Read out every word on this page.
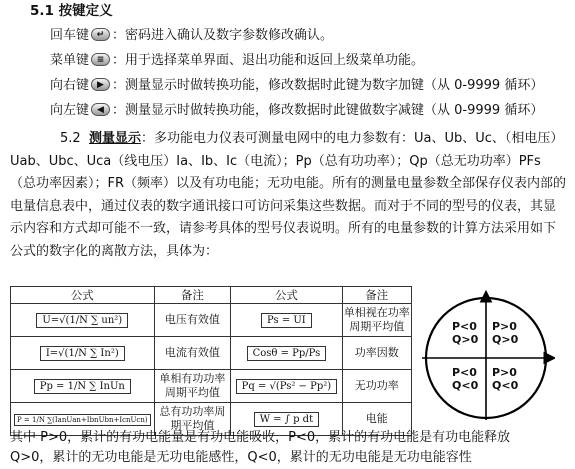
5.1 按键定义
回车键 ↵ ：密码进入确认及数字参数修改确认。
菜单键 ≡ ：用于选择菜单界面、退出功能和返回上级菜单功能。
向右键 ▶ ：测量显示时做转换功能，修改数据时此键为数字加键（从 0-9999 循环）
向左键 ◀ ：测量显示时做转换功能，修改数据时此键做数字减键（从 0-9999 循环）
5.2 测量显示：多功能电力仪表可测量电网中的电力参数有：Ua、Ub、Uc、（相电压）Uab、Ubc、Uca（线电压）Ia、Ib、Ic（电流）；Pp（总有功功率）；Qp（总无功功率）PFs（总功率因素）；FR（频率）以及有功电能；无功电能。所有的测量电量参数全部保存仪表内部的电量信息表中，通过仪表的数字通讯接口可访问采集这些数据。而对于不同的型号的仪表，其显示内容和方式却可能不一致，请参考具体的型号仪表说明。所有的电量参数的计算方法采用如下公式的数字化的离散方法，具体为：
公式	备注	公式	备注
U=√(1/N ∑ un²)	电压有效值	Ps = UI	单相视在功率周期平均值
I=√(1/N ∑ In²)	电流有效值	Cosθ = Pp/Ps	功率因数
Pp = 1/N ∑ InUn	单相有功功率周期平均值	Pq = √(Ps² − Pp²)	无功功率
P = 1/N ∑(IanUan+IbnUbn+IcnUcn)	总有功功率周期平均值	W = ∫ p dt	电能
P<0
Q>0
P>0
Q>0
P<0
Q<0
P>0
Q<0
其中 P>0，累计的有功电能量是有功电能吸收，P<0，累计的有功电能是有功电能释放
Q>0，累计的无功电能是无功电能感性，Q<0，累计的无功电能是无功电能容性
